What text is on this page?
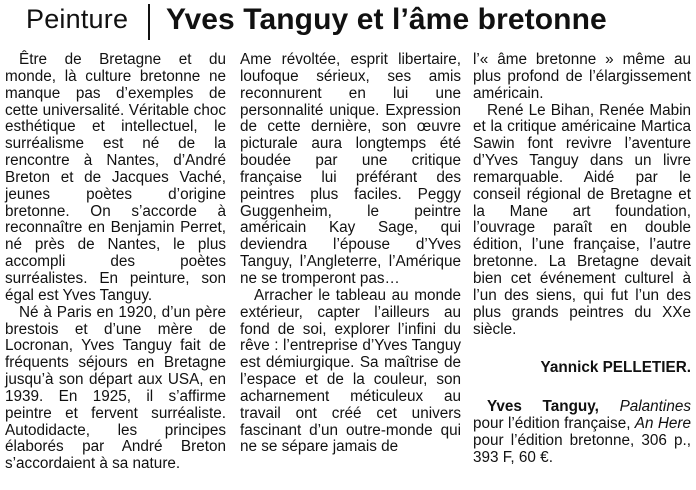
Peinture Yves Tanguy et l’âme bretonne

Être de Bretagne et du monde, là culture bretonne ne manque pas d’exemples de cette universalité. Véritable choc esthétique et intellectuel, le surréalisme est né de la rencontre à Nantes, d’André Breton et de Jacques Vaché, jeunes poètes d’origine bretonne. On s’accorde à reconnaître en Benjamin Perret, né près de Nantes, le plus accompli des poètes surréalistes. En peinture, son égal est Yves Tanguy.

Né à Paris en 1920, d’un père brestois et d’une mère de Locronan, Yves Tanguy fait de fréquents séjours en Bretagne jusqu’à son départ aux USA, en 1939. En 1925, il s’affirme peintre et fervent surréaliste. Autodidacte, les principes élaborés par André Breton s’accordaient à sa nature.

Ame révoltée, esprit libertaire, loufoque sérieux, ses amis reconnurent en lui une personnalité unique. Expression de cette dernière, son œuvre picturale aura longtemps été boudée par une critique française lui préférant des peintres plus faciles. Peggy Guggenheim, le peintre américain Kay Sage, qui deviendra l’épouse d’Yves Tanguy, l’Angleterre, l’Amérique ne se tromperont pas…

Arracher le tableau au monde extérieur, capter l’ailleurs au fond de soi, explorer l’infini du rêve : l’entreprise d’Yves Tanguy est démiurgique. Sa maîtrise de l’espace et de la couleur, son acharnement méticuleux au travail ont créé cet univers fascinant d’un outre-monde qui ne se sépare jamais de

l’« âme bretonne » même au plus profond de l’élargissement américain.

René Le Bihan, Renée Mabin et la critique américaine Martica Sawin font revivre l’aventure d’Yves Tanguy dans un livre remarquable. Aidé par le conseil régional de Bretagne et la Mane art foundation, l’ouvrage paraît en double édition, l’une française, l’autre bretonne. La Bretagne devait bien cet événement culturel à l’un des siens, qui fut l’un des plus grands peintres du XXe siècle.

Yannick PELLETIER.

Yves Tanguy, Palantines pour l’édition française, An Here pour l’édition bretonne, 306 p., 393 F, 60 €.
